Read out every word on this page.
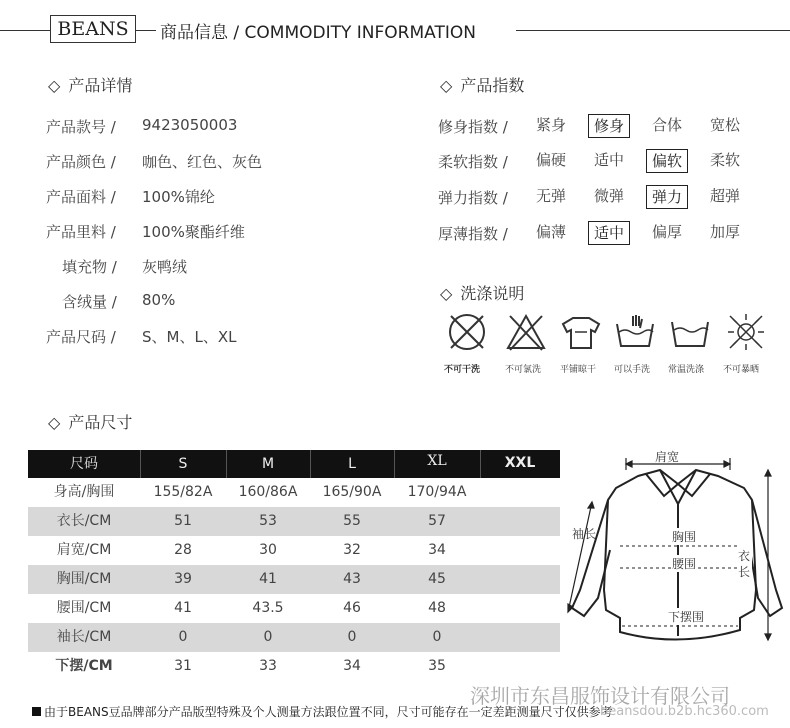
BEANS	商品信息 / COMMODITY INFORMATION
◇ 产品详情
产品款号 / 9423050003
产品颜色 / 咖色、红色、灰色
产品面料 / 100%锦纶
产品里料 / 100%聚酯纤维
填充物 / 灰鸭绒
含绒量 / 80%
产品尺码 / S、M、L、XL
◇ 产品指数
修身指数 /	紧身	修身	合体	宽松
柔软指数 /	偏硬	适中	偏软	柔软
弹力指数 /	无弹	微弹	弹力	超弹
厚薄指数 /	偏薄	适中	偏厚	加厚
◇ 洗涤说明
不可干洗	不可氯洗 平铺晾干 可以手洗 常温洗涤 不可暴晒
◇ 产品尺寸
尺码	S	M	L	XL	XXL
身高/胸围	155/82A	160/86A	165/90A	170/94A
衣长/CM	51	53	55	57
肩宽/CM	28	30	32	34
胸围/CM	39	41	43	45
腰围/CM	41	43.5	46	48
袖长/CM	0	0	0	0
下摆/CM	31	33	34	35
肩宽
袖长	胸围
腰围
下摆围
衣长
由于BEANS豆品牌部分产品版型特殊及个人测量方法跟位置不同，尺寸可能存在一定差距测量尺寸仅供参考
深圳市东昌服饰设计有限公司
beansdou.b2b.hc360.com
